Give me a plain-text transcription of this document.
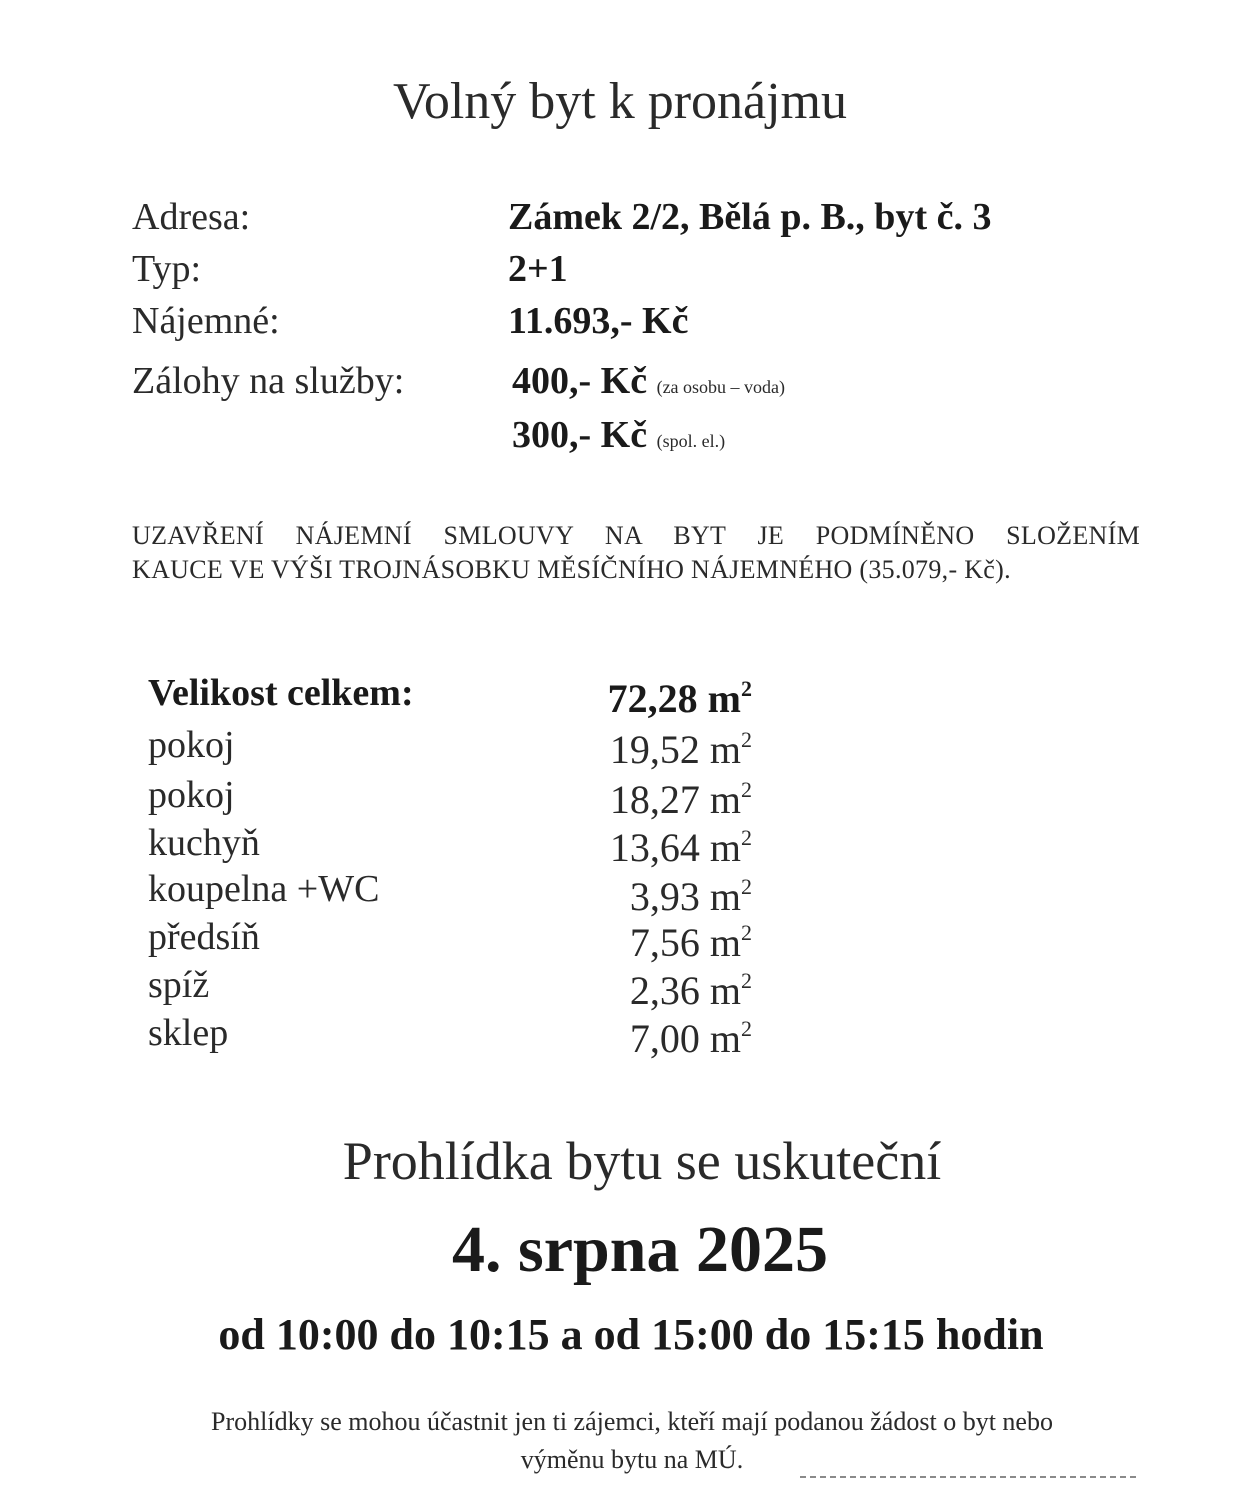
Volný byt k pronájmu
Adresa:	Zámek 2/2, Bělá p. B., byt č. 3
Typ:	2+1
Nájemné:	11.693,- Kč
Zálohy na služby:	400,- Kč (za osobu – voda)
300,- Kč (spol. el.)
UZAVŘENÍ NÁJEMNÍ SMLOUVY NA BYT JE PODMÍNĚNO SLOŽENÍM
KAUCE VE VÝŠI TROJNÁSOBKU MĚSÍČNÍHO NÁJEMNÉHO (35.079,- Kč).
Velikost celkem:	72,28 $m^2$
pokoj	19,52 $m^2$
pokoj	18,27 $m^2$
kuchyň	13,64 $m^2$
koupelna +WC	3,93 $m^2$
předsíň	7,56 $m^2$
spíž	2,36 $m^2$
sklep	7,00 $m^2$
Prohlídka bytu se uskuteční
4. srpna 2025
od 10:00 do 10:15 a od 15:00 do 15:15 hodin
Prohlídky se mohou účastnit jen ti zájemci, kteří mají podanou žádost o byt nebo
výměnu bytu na MÚ.
